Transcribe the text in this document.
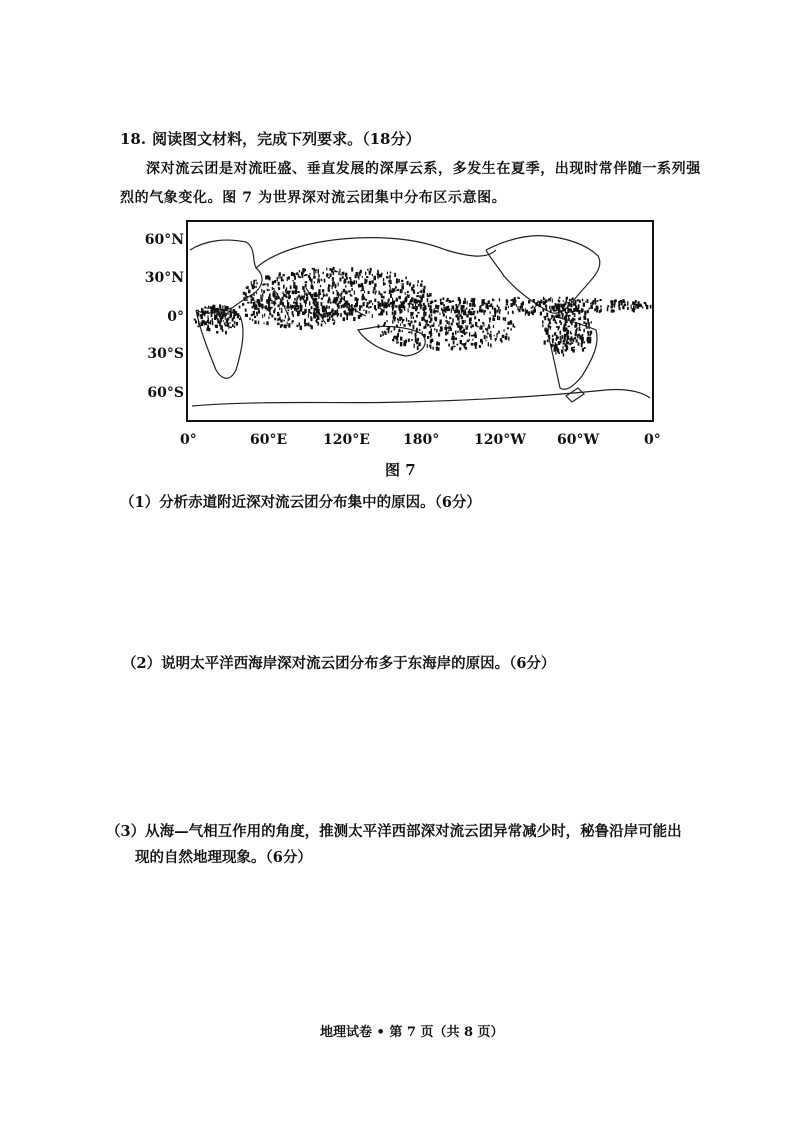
18. 阅读图文材料，完成下列要求。（18分）
深对流云团是对流旺盛、垂直发展的深厚云系，多发生在夏季，出现时常伴随一系列强
烈的气象变化。图 7 为世界深对流云团集中分布区示意图。
60°N
30°N
0°
30°S
60°S
0°	60°E	120°E 180° 120°W 60°W	0°
图 7
（1）分析赤道附近深对流云团分布集中的原因。（6分）
（2）说明太平洋西海岸深对流云团分布多于东海岸的原因。（6分）
（3）从海—气相互作用的角度，推测太平洋西部深对流云团异常减少时，秘鲁沿岸可能出
现的自然地理现象。（6分）
地理试卷 • 第 7 页（共 8 页）
